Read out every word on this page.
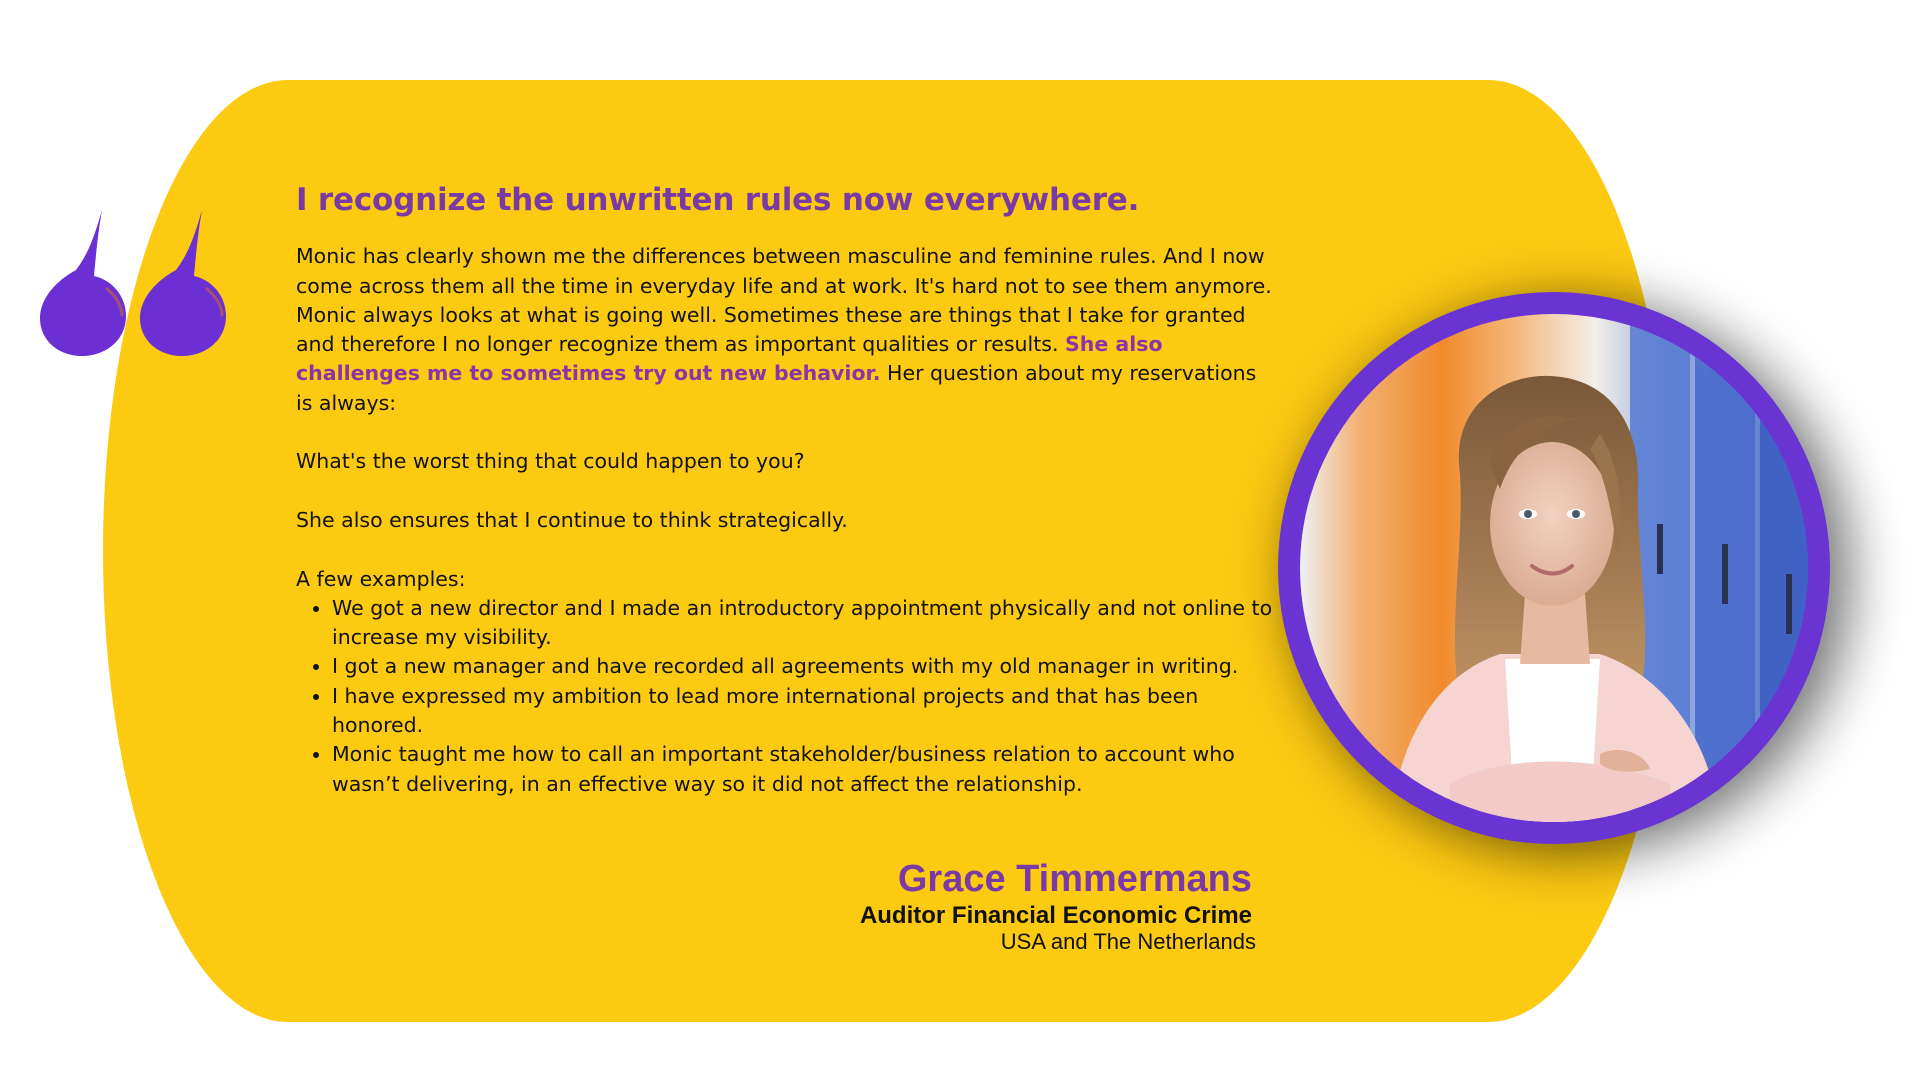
I recognize the unwritten rules now everywhere.

Monic has clearly shown me the differences between masculine and feminine rules. And I now come across them all the time in everyday life and at work. It's hard not to see them anymore. Monic always looks at what is going well. Sometimes these are things that I take for granted and therefore I no longer recognize them as important qualities or results. She also challenges me to sometimes try out new behavior. Her question about my reservations is always:

What's the worst thing that could happen to you?

She also ensures that I continue to think strategically.

A few examples:

• We got a new director and I made an introductory appointment physically and not online to increase my visibility.
• I got a new manager and have recorded all agreements with my old manager in writing.
• I have expressed my ambition to lead more international projects and that has been honored.
• Monic taught me how to call an important stakeholder/business relation to account who wasn’t delivering, in an effective way so it did not affect the relationship.
Grace Timmermans
Auditor Financial Economic Crime
USA and The Netherlands
